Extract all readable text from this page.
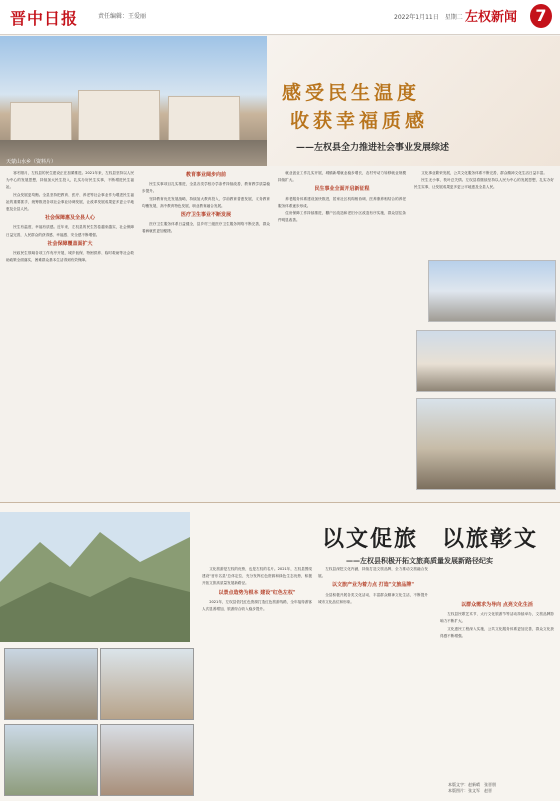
晋中日报	责任编辑：王爱丽	2022年1月11日　星期二 左权新闻	7
天蒙山水乡（资料片）
感受民生温度
收获幸福质感
——左权县全力推进社会事业发展综述

寒冬腊月，左权县的民生建设正在加紧推进。2021年来，左权县坚持以人民为中心的发展思想，持续加大民生投入，扎实办好民生实事，不断增进民生福祉。

民众发展更均衡。全县坚持把教育、医疗、养老等社会事业作为增进民生福祉的重要抓手，统筹推进各项社会事业协调发展，让改革发展成果更多更公平地惠及全县人民。

社会保障惠及全县人心

民生有温度，幸福有质感。近年来，左权县的民生答卷越来越实，社会保障日益完善，人民群众的获得感、幸福感、安全感不断增强。

社会保障覆盖面扩大

民政民生领域各项工作有序开展，城乡低保、特困供养、临时救助等社会救助政策全面落实，困难群众基本生活得到有效保障。

教育事业阔步向前

民生实事项目扎实推进，全县各类学校办学条件持续改善，教育教学质量稳步提升。

坚持教育优先发展战略，持续加大教育投入，学前教育普惠发展，义务教育均衡发展，高中教育特色发展，职业教育融合发展。

医疗卫生事业不断发展

医疗卫生服务体系日益健全，县乡村三级医疗卫生服务网络不断完善，群众看病就医更加便捷。

就业创业工作扎实开展，城镇新增就业稳步增长，农村劳动力转移就业规模持续扩大。

民生事业全面开启新征程

养老服务体系建设加快推进，居家社区机构相协调、医养康养相结合的养老服务体系逐步形成。

住房保障工作持续推进，棚户区改造和老旧小区改造有序实施，群众居住条件明显改善。

文化事业繁荣发展，公共文化服务体系不断完善，群众精神文化生活日益丰富。

民生无小事，枝叶总关情。左权县将继续坚持以人民为中心的发展思想，扎实办好民生实事，让发展成果更多更公平地惠及全县人民。

以文促旅　以旅彰文
——左权县积极开拓文旅高质量发展新路径纪实

文化旅游是左权的优势，也是左权的名片。2021年，左权县围绕建设"晋东名县"总体定位，充分发挥红色资源和绿色生态优势，积极开拓文旅高质量发展新路径。

以景点造势为根本 建设"红色左权"

2021年，左权县依托红色资源打造红色旅游线路，全年接待游客人次显著增加，旅游综合收入稳步提升。

左权县深挖文化内涵，持续打造文旅品牌，全力推动文旅融合发展。

以文旅产业为着力点 打造"文旅品牌"

全县积极开展各类文化活动，丰富群众精神文化生活，不断提升城市文化品位和形象。

以群众需求为导向 点亮文化生活

左权县民歌艺术节、太行文化旅游节等活动持续举办，文旅品牌影响力不断扩大。

文化惠民工程深入实施，公共文化服务体系更加完善，群众文化获得感不断增强。

本版文字：赵新晴　张晋朋
本版图片：张文军　赵晋
